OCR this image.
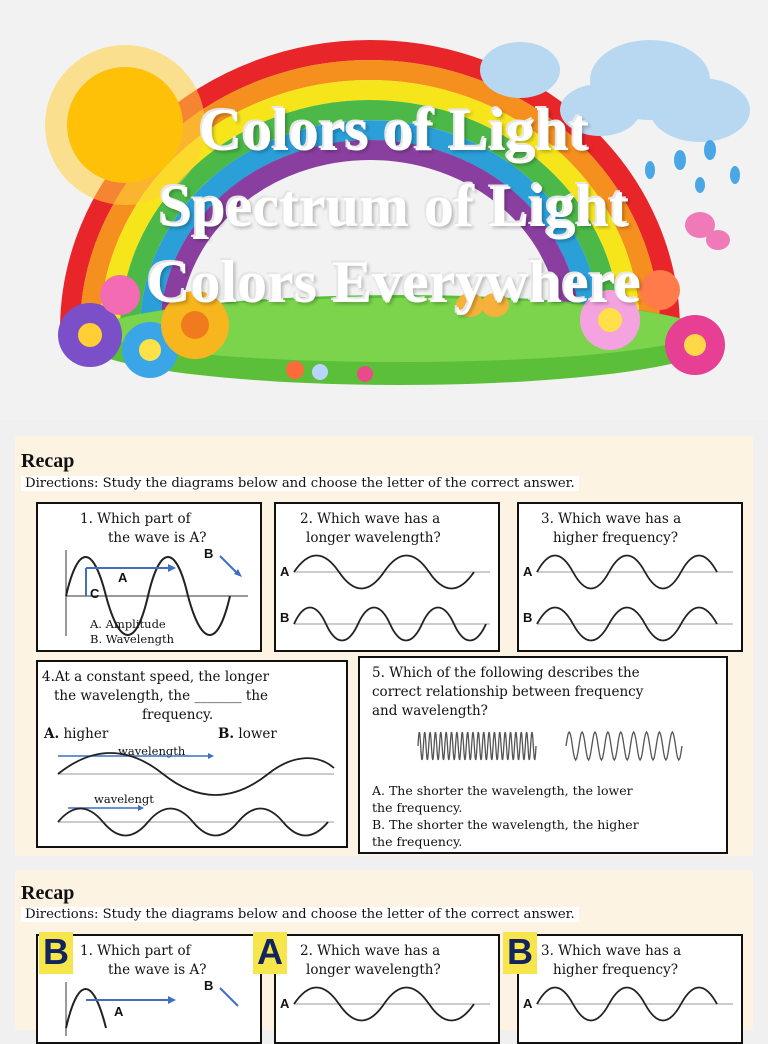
Colors of Light
Spectrum of Light
Colors Everywhere
Recap
Directions: Study the diagrams below and choose the letter of the correct answer.
1. Which part of
the wave is A?
A
B
C
A. Amplitude
B. Wavelength
2. Which wave has a
longer wavelength?
A
B
3. Which wave has a
higher frequency?
A
B
4.At a constant speed, the longer
the wavelength, the _______ the
frequency.
A. higher	B. lower
wavelength
wavelengt
5. Which of the following describes the
correct relationship between frequency
and wavelength?
A. The shorter the wavelength, the lower
the frequency.
B. The shorter the wavelength, the higher
the frequency.
Recap
Directions: Study the diagrams below and choose the letter of the correct answer.
1. Which part of
the wave is A?
B
A
B	2. Which wave has a
longer wavelength?
A
A	3. Which wave has a
higher frequency?
A
B
